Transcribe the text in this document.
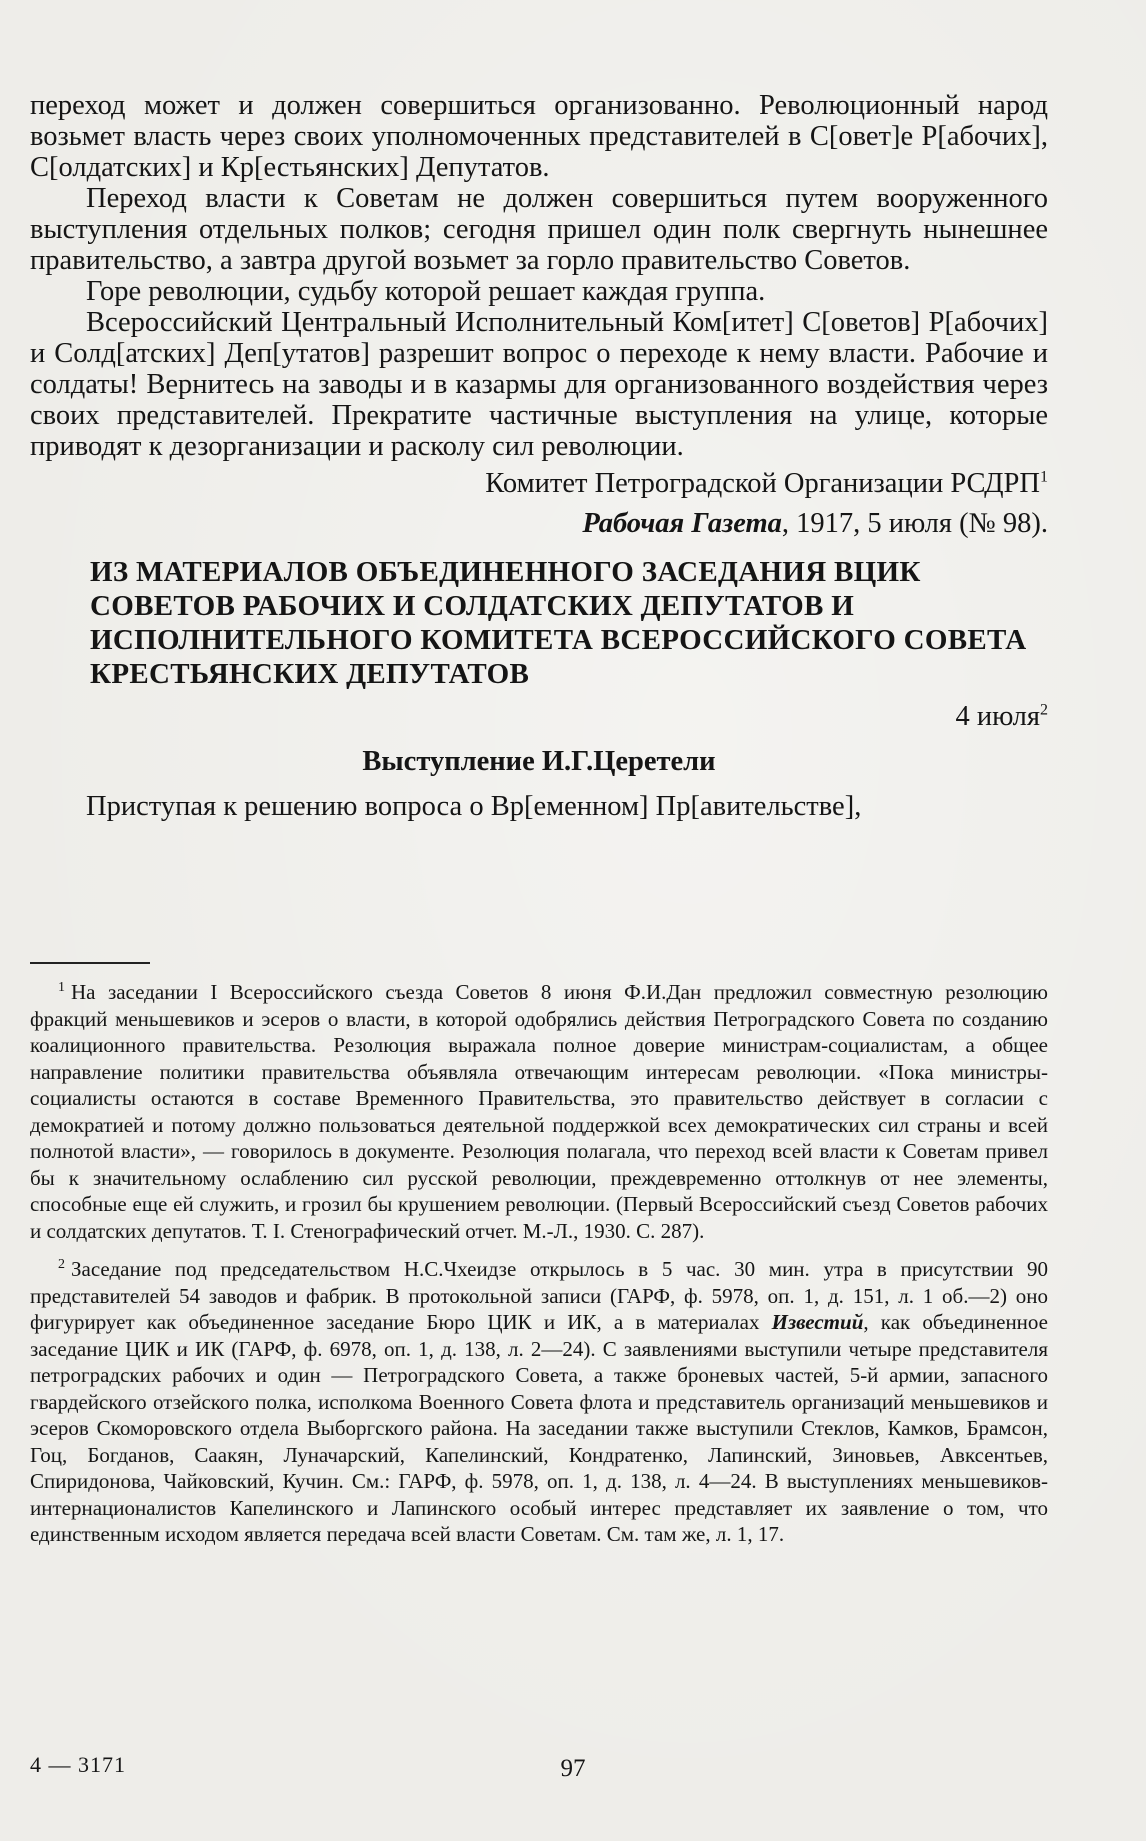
переход может и должен совершиться организованно. Революционный народ возьмет власть через своих уполномоченных представителей в С[овет]е Р[абочих], С[олдатских] и Кр[естьянских] Депутатов.

Переход власти к Советам не должен совершиться путем вооруженного выступления отдельных полков; сегодня пришел один полк свергнуть нынешнее правительство, а завтра другой возьмет за горло правительство Советов.

Горе революции, судьбу которой решает каждая группа.

Всероссийский Центральный Исполнительный Ком[итет] С[оветов] Р[абочих] и Солд[атских] Деп[утатов] разрешит вопрос о переходе к нему власти. Рабочие и солдаты! Вернитесь на заводы и в казармы для организованного воздействия через своих представителей. Прекратите частичные выступления на улице, которые приводят к дезорганизации и расколу сил революции.

Комитет Петроградской Организации РСДРП$^1$
Рабочая Газета, 1917, 5 июля (№ 98).
ИЗ МАТЕРИАЛОВ ОБЪЕДИНЕННОГО ЗАСЕДАНИЯ ВЦИК СОВЕТОВ РАБОЧИХ И СОЛДАТСКИХ ДЕПУТАТОВ И ИСПОЛНИТЕЛЬНОГО КОМИТЕТА ВСЕРОССИЙСКОГО СОВЕТА КРЕСТЬЯНСКИХ ДЕПУТАТОВ
4 июля$^2$
Выступление И.Г.Церетели

Приступая к решению вопроса о Вр[еменном] Пр[авительстве],

$^1$ На заседании I Всероссийского съезда Советов 8 июня Ф.И.Дан предложил совместную резолюцию фракций меньшевиков и эсеров о власти, в которой одобрялись действия Петроградского Совета по созданию коалиционного правительства. Резолюция выражала полное доверие министрам-социалистам, а общее направление политики правительства объявляла отвечающим интересам революции. «Пока министры-социалисты остаются в составе Временного Правительства, это правительство действует в согласии с демократией и потому должно пользоваться деятельной поддержкой всех демократических сил страны и всей полнотой власти», — говорилось в документе. Резолюция полагала, что переход всей власти к Советам привел бы к значительному ослаблению сил русской революции, преждевременно оттолкнув от нее элементы, способные еще ей служить, и грозил бы крушением революции. (Первый Всероссийский съезд Советов рабочих и солдатских депутатов. Т. I. Стенографический отчет. М.-Л., 1930. С. 287).

$^2$ Заседание под председательством Н.С.Чхеидзе открылось в 5 час. 30 мин. утра в присутствии 90 представителей 54 заводов и фабрик. В протокольной записи (ГАРФ, ф. 5978, оп. 1, д. 151, л. 1 об.—2) оно фигурирует как объединенное заседание Бюро ЦИК и ИК, а в материалах Известий, как объединенное заседание ЦИК и ИК (ГАРФ, ф. 6978, оп. 1, д. 138, л. 2—24). С заявлениями выступили четыре представителя петроградских рабочих и один — Петроградского Совета, а также броневых частей, 5-й армии, запасного гвардейского отзейского полка, исполкома Военного Совета флота и представитель организаций меньшевиков и эсеров Скоморовского отдела Выборгского района. На заседании также выступили Стеклов, Камков, Брамсон, Гоц, Богданов, Саакян, Луначарский, Капелинский, Кондратенко, Лапинский, Зиновьев, Авксентьев, Спиридонова, Чайковский, Кучин. См.: ГАРФ, ф. 5978, оп. 1, д. 138, л. 4—24. В выступлениях меньшевиков-интернационалистов Капелинского и Лапинского особый интерес представляет их заявление о том, что единственным исходом является передача всей власти Советам. См. там же, л. 1, 17.

4 — 3171	97
